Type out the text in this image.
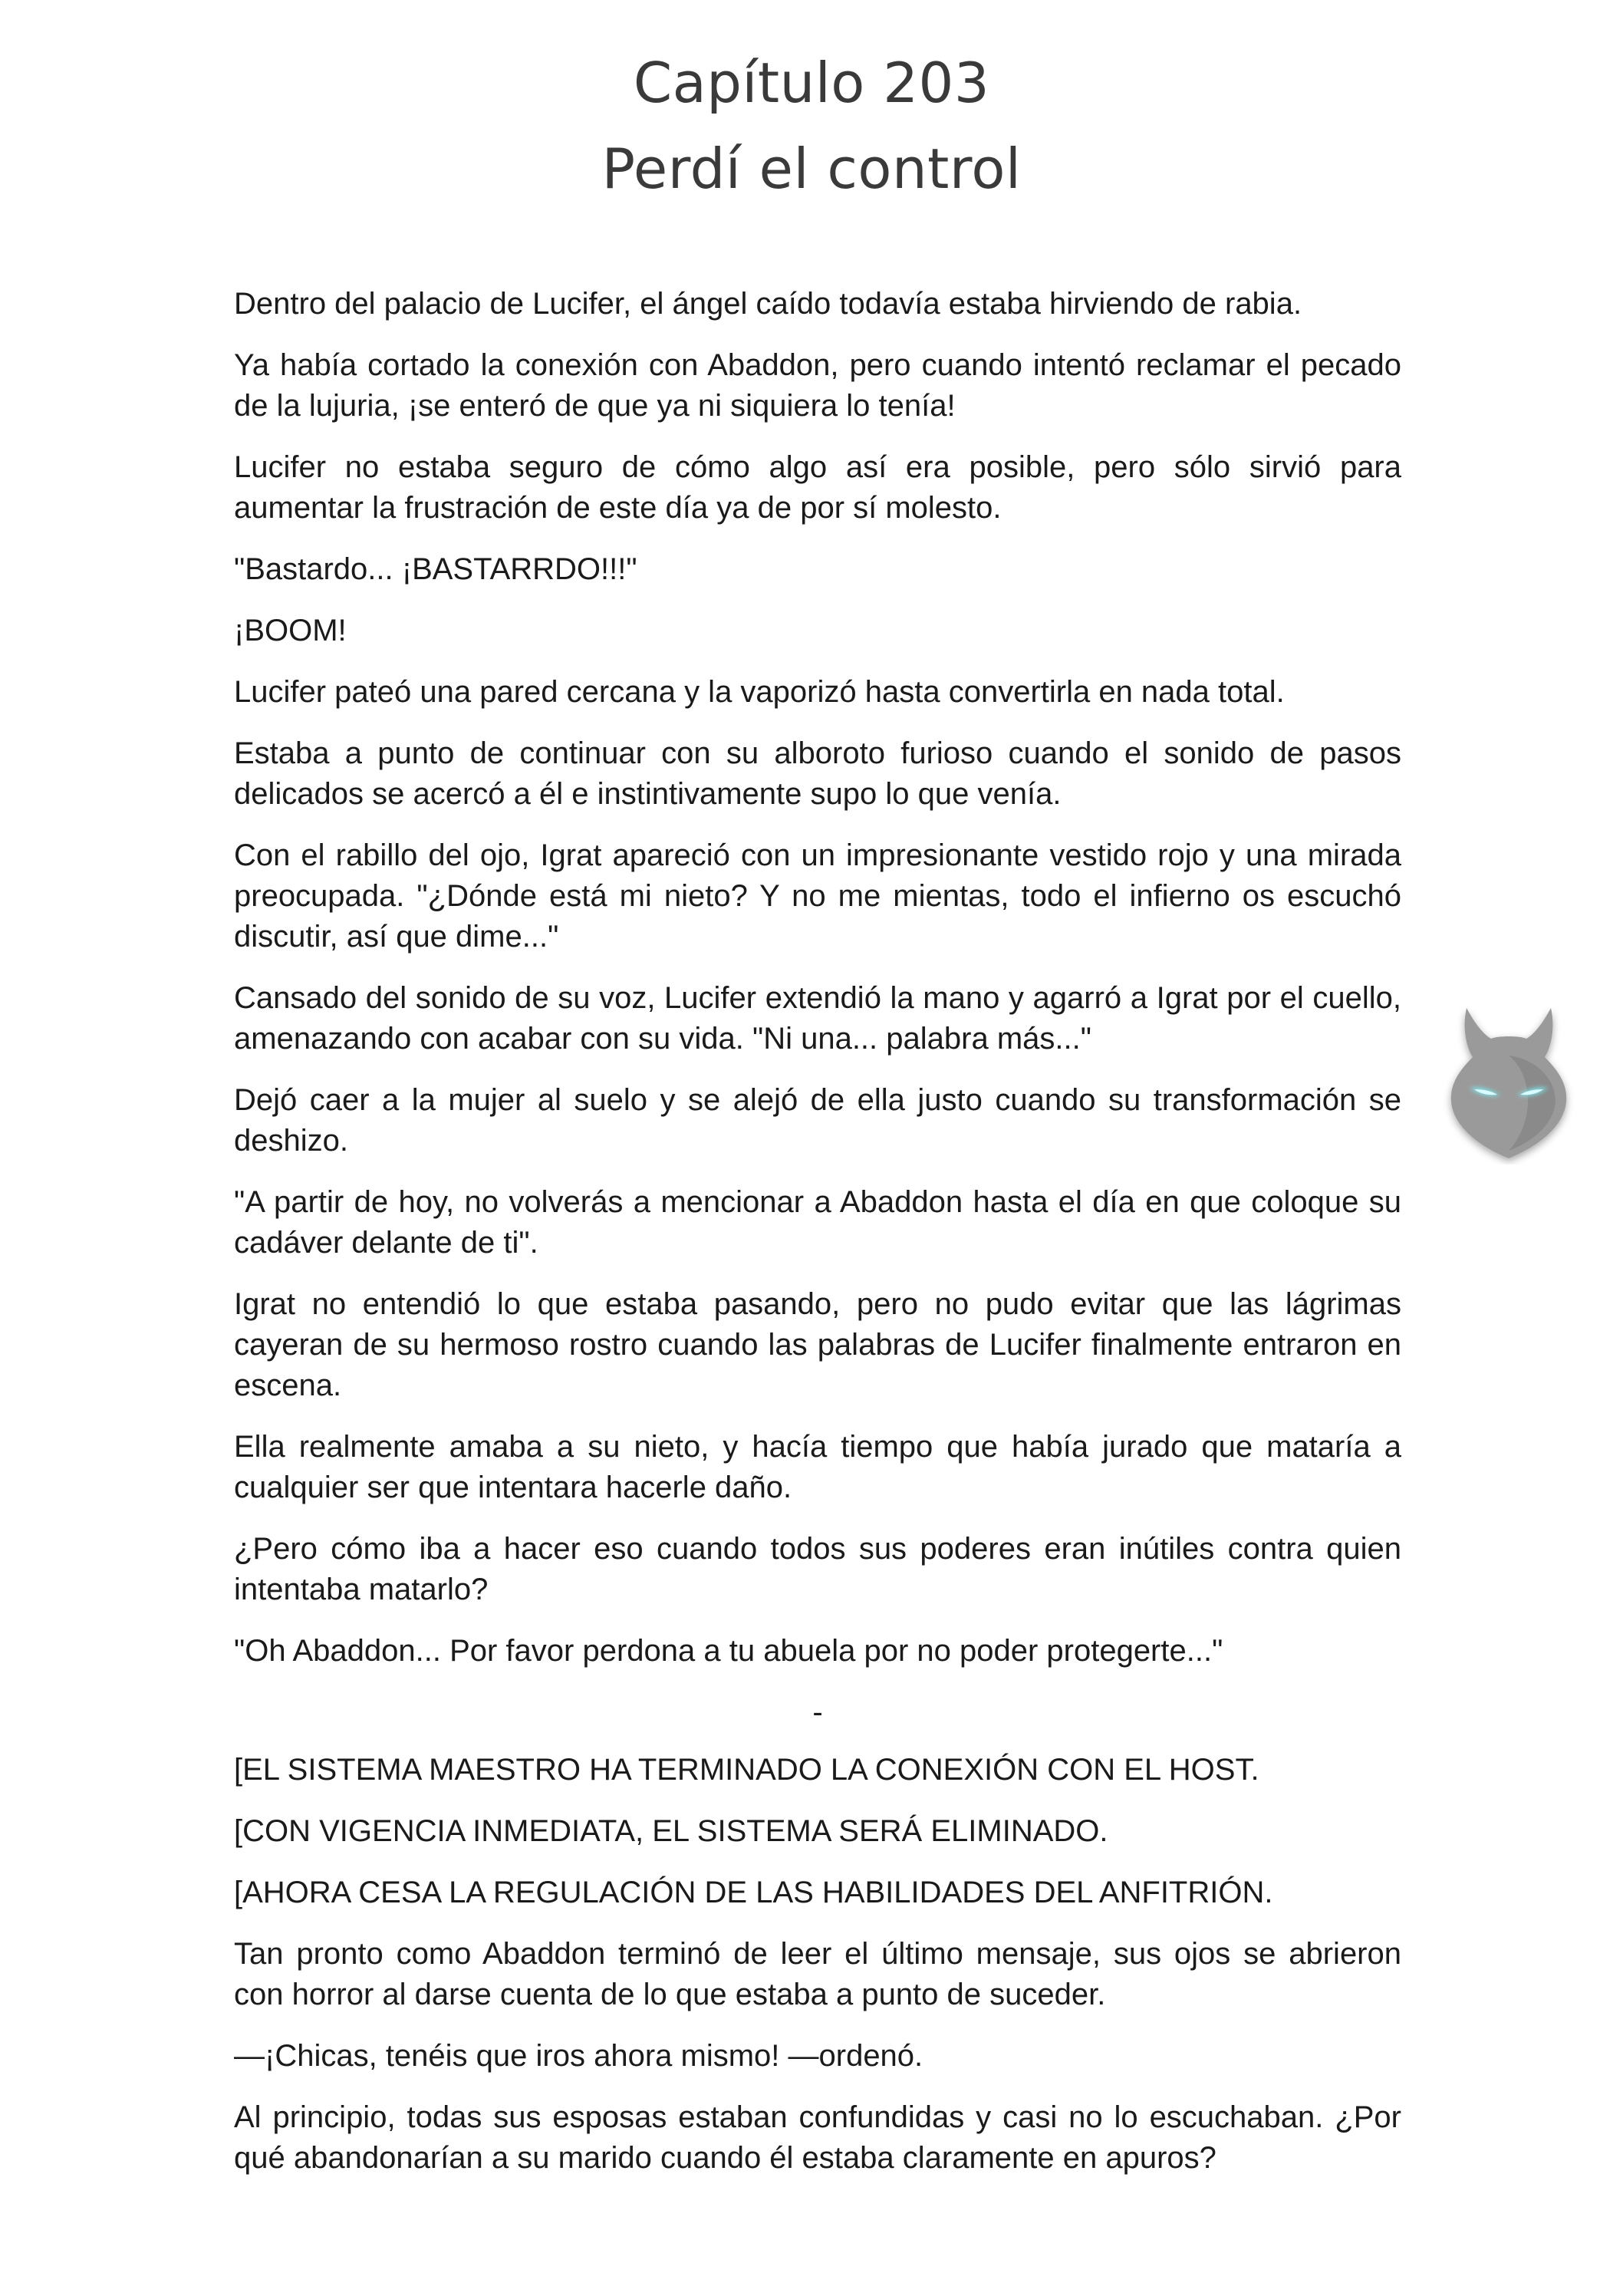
Capítulo 203
Perdí el control

Dentro del palacio de Lucifer, el ángel caído todavía estaba hirviendo de rabia.

Ya había cortado la conexión con Abaddon, pero cuando intentó reclamar el pecado de la lujuria, ¡se enteró de que ya ni siquiera lo tenía!

Lucifer no estaba seguro de cómo algo así era posible, pero sólo sirvió para aumentar la frustración de este día ya de por sí molesto.

"Bastardo... ¡BASTARRDO!!!"

¡BOOM!

Lucifer pateó una pared cercana y la vaporizó hasta convertirla en nada total.

Estaba a punto de continuar con su alboroto furioso cuando el sonido de pasos delicados se acercó a él e instintivamente supo lo que venía.

Con el rabillo del ojo, Igrat apareció con un impresionante vestido rojo y una mirada preocupada. "¿Dónde está mi nieto? Y no me mientas, todo el infierno os escuchó discutir, así que dime..."

Cansado del sonido de su voz, Lucifer extendió la mano y agarró a Igrat por el cuello, amenazando con acabar con su vida. "Ni una... palabra más..."

Dejó caer a la mujer al suelo y se alejó de ella justo cuando su transformación se deshizo.

"A partir de hoy, no volverás a mencionar a Abaddon hasta el día en que coloque su cadáver delante de ti".

Igrat no entendió lo que estaba pasando, pero no pudo evitar que las lágrimas cayeran de su hermoso rostro cuando las palabras de Lucifer finalmente entraron en escena.

Ella realmente amaba a su nieto, y hacía tiempo que había jurado que mataría a cualquier ser que intentara hacerle daño.

¿Pero cómo iba a hacer eso cuando todos sus poderes eran inútiles contra quien intentaba matarlo?

"Oh Abaddon... Por favor perdona a tu abuela por no poder protegerte..."

-

[EL SISTEMA MAESTRO HA TERMINADO LA CONEXIÓN CON EL HOST.

[CON VIGENCIA INMEDIATA, EL SISTEMA SERÁ ELIMINADO.

[AHORA CESA LA REGULACIÓN DE LAS HABILIDADES DEL ANFITRIÓN.

Tan pronto como Abaddon terminó de leer el último mensaje, sus ojos se abrieron con horror al darse cuenta de lo que estaba a punto de suceder.

—¡Chicas, tenéis que iros ahora mismo! —ordenó.

Al principio, todas sus esposas estaban confundidas y casi no lo escuchaban. ¿Por qué abandonarían a su marido cuando él estaba claramente en apuros?
